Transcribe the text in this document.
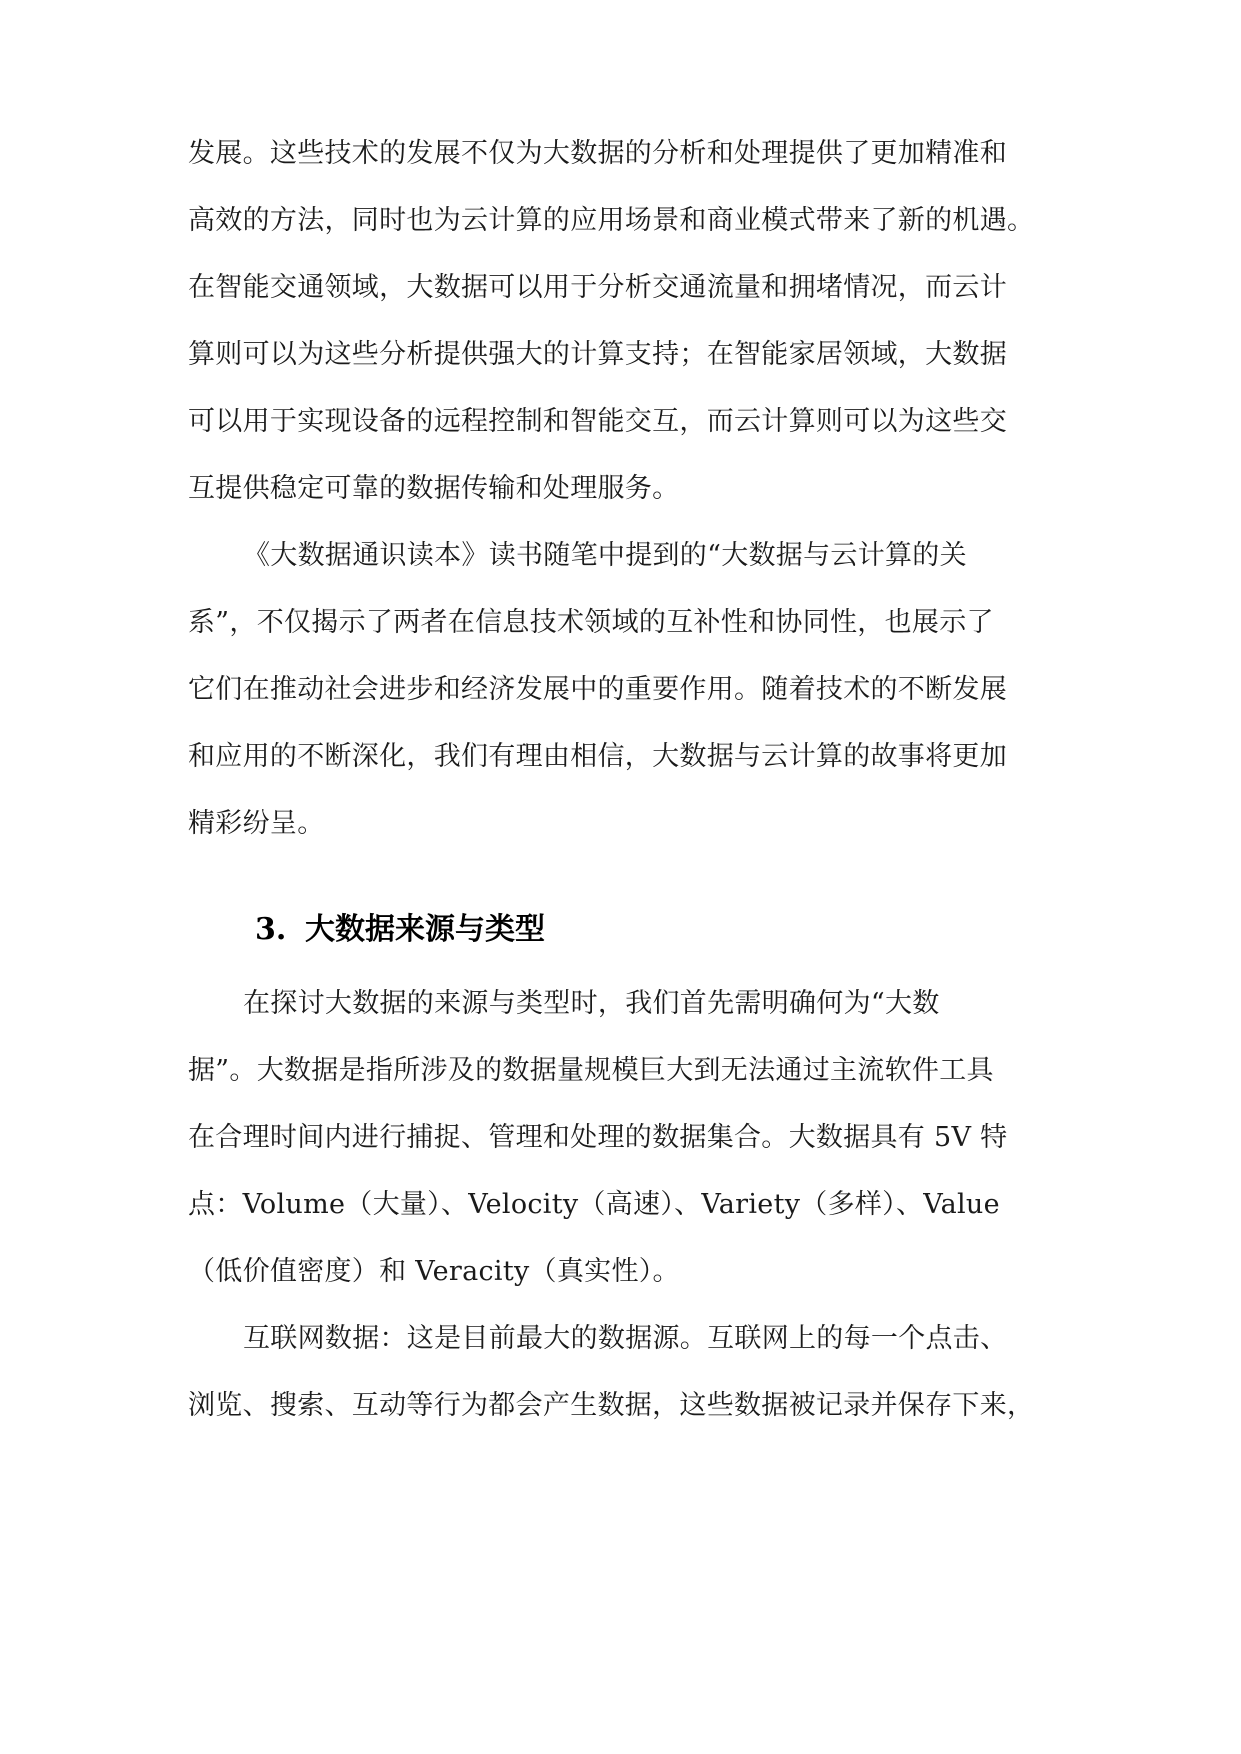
发展。这些技术的发展不仅为大数据的分析和处理提供了更加精准和
高效的方法，同时也为云计算的应用场景和商业模式带来了新的机遇。
在智能交通领域，大数据可以用于分析交通流量和拥堵情况，而云计
算则可以为这些分析提供强大的计算支持；在智能家居领域，大数据
可以用于实现设备的远程控制和智能交互，而云计算则可以为这些交
互提供稳定可靠的数据传输和处理服务。
《大数据通识读本》读书随笔中提到的“大数据与云计算的关
系”，不仅揭示了两者在信息技术领域的互补性和协同性，也展示了
它们在推动社会进步和经济发展中的重要作用。随着技术的不断发展
和应用的不断深化，我们有理由相信，大数据与云计算的故事将更加
精彩纷呈。
3. 大数据来源与类型
在探讨大数据的来源与类型时，我们首先需明确何为“大数
据”。大数据是指所涉及的数据量规模巨大到无法通过主流软件工具
在合理时间内进行捕捉、管理和处理的数据集合。大数据具有 5V 特
点：Volume（大量）、Velocity（高速）、Variety（多样）、Value
（低价值密度）和 Veracity（真实性）。
互联网数据：这是目前最大的数据源。互联网上的每一个点击、
浏览、搜索、互动等行为都会产生数据，这些数据被记录并保存下来，
